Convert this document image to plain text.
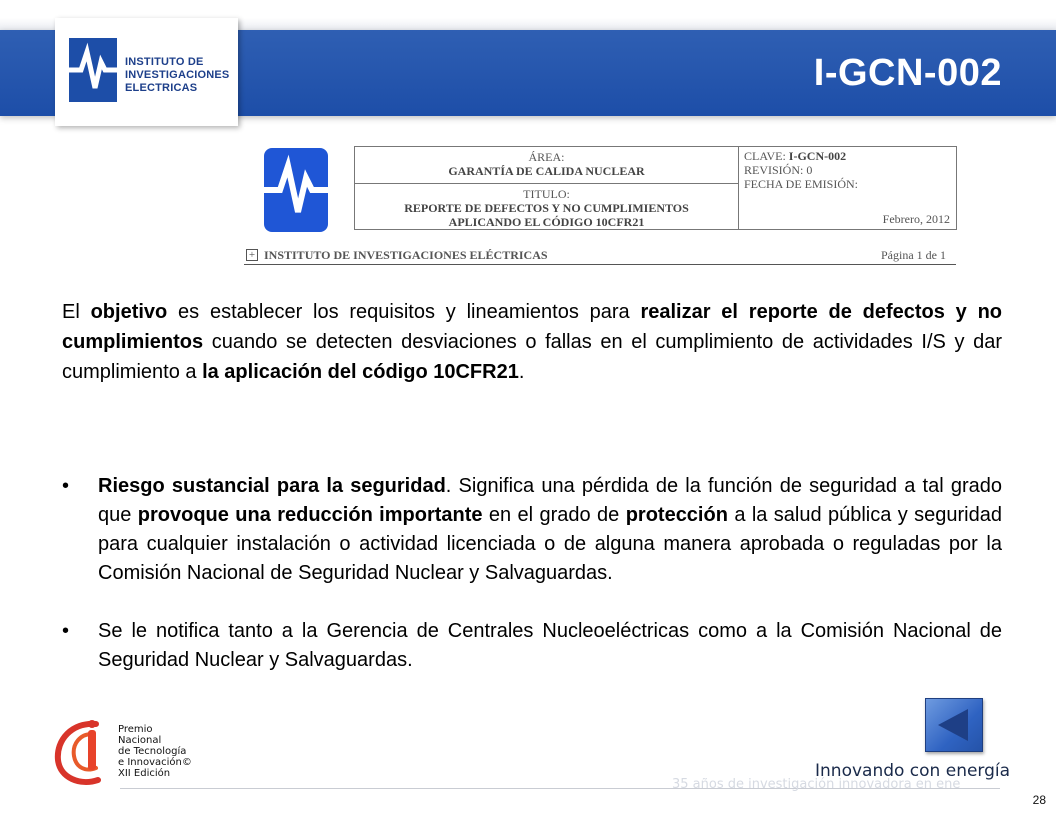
INSTITUTO DE
INVESTIGACIONES
ELECTRICAS	I-GCN-002
ÁREA:
GARANTÍA DE CALIDA NUCLEAR
TITULO:
REPORTE DE DEFECTOS Y NO CUMPLIMIENTOS
APLICANDO EL CÓDIGO 10CFR21
CLAVE: I-GCN-002
REVISIÓN: 0
FECHA DE EMISIÓN:
Febrero, 2012
+ INSTITUTO DE INVESTIGACIONES ELÉCTRICAS	Página 1 de 1
El objetivo es establecer los requisitos y lineamientos para realizar el reporte de defectos y no cumplimientos cuando se detecten desviaciones o fallas en el cumplimiento de actividades I/S y dar cumplimiento a la aplicación del código 10CFR21.
• Riesgo sustancial para la seguridad. Significa una pérdida de la función de seguridad a tal grado que provoque una reducción importante en el grado de protección a la salud pública y seguridad para cualquier instalación o actividad licenciada o de alguna manera aprobada o reguladas por la Comisión Nacional de Seguridad Nuclear y Salvaguardas.
• Se le notifica tanto a la Gerencia de Centrales Nucleoeléctricas como a la Comisión Nacional de Seguridad Nuclear y Salvaguardas.
Premio
Nacional
de Tecnología
e Innovación©
XII Edición
35 años de investigación innovadora en ene
Innovando con energía
28
